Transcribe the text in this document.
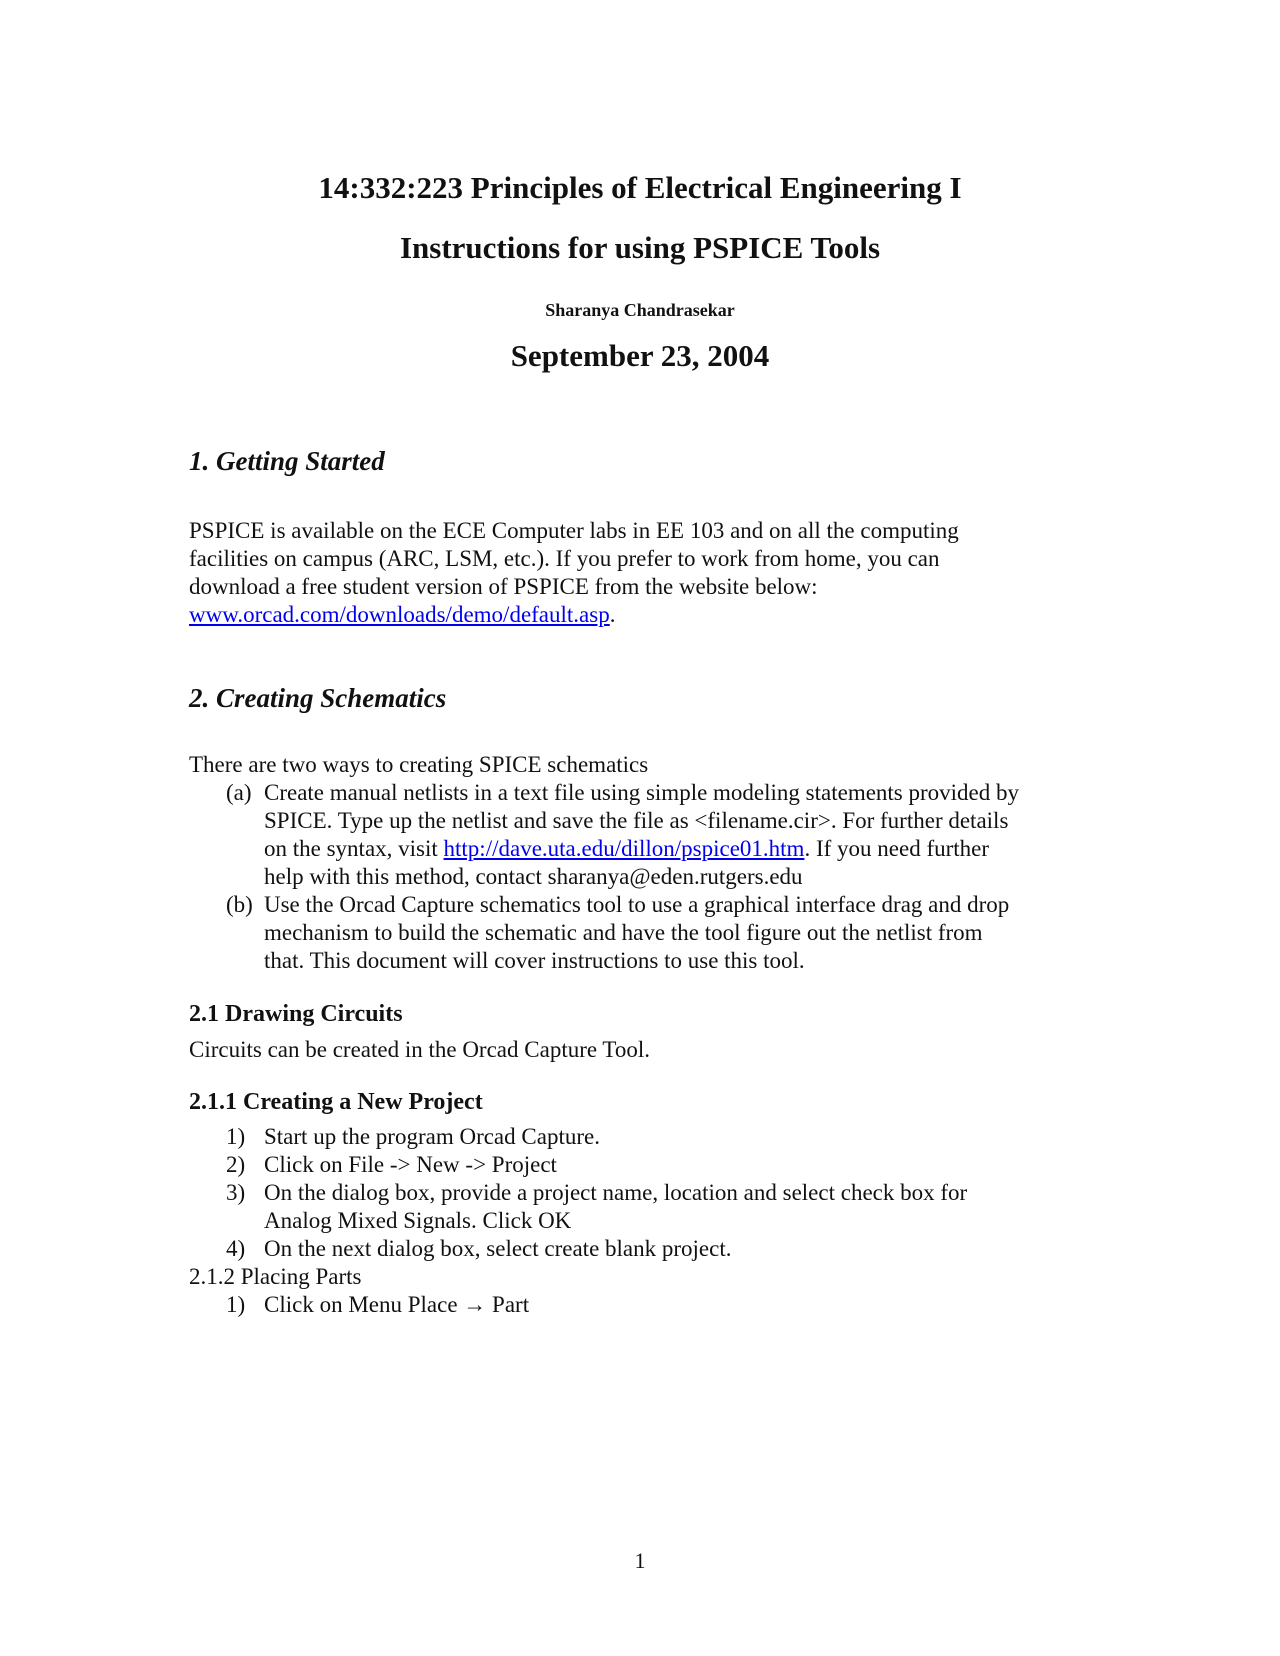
14:332:223 Principles of Electrical Engineering I
Instructions for using PSPICE Tools
Sharanya Chandrasekar
September 23, 2004
1. Getting Started
PSPICE is available on the ECE Computer labs in EE 103 and on all the computing
facilities on campus (ARC, LSM, etc.). If you prefer to work from home, you can
download a free student version of PSPICE from the website below:
www.orcad.com/downloads/demo/default.asp.
2. Creating Schematics
There are two ways to creating SPICE schematics
(a) Create manual netlists in a text file using simple modeling statements provided by
SPICE. Type up the netlist and save the file as <filename.cir>. For further details
on the syntax, visit http://dave.uta.edu/dillon/pspice01.htm. If you need further
help with this method, contact sharanya@eden.rutgers.edu
(b) Use the Orcad Capture schematics tool to use a graphical interface drag and drop
mechanism to build the schematic and have the tool figure out the netlist from
that. This document will cover instructions to use this tool.
2.1 Drawing Circuits
Circuits can be created in the Orcad Capture Tool.
2.1.1 Creating a New Project
1) Start up the program Orcad Capture.
2) Click on File -> New -> Project
3) On the dialog box, provide a project name, location and select check box for
Analog Mixed Signals. Click OK
4) On the next dialog box, select create blank project.
2.1.2 Placing Parts
1) Click on Menu Place → Part
1
